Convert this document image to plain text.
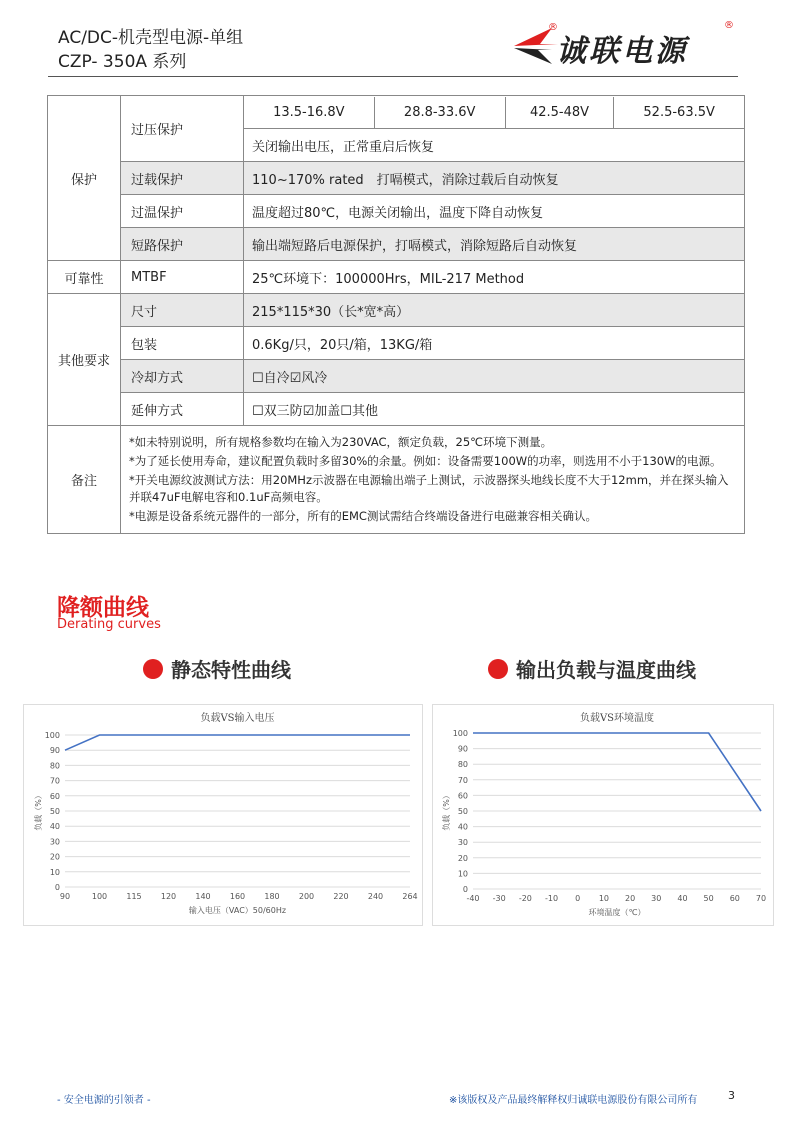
AC/DC-机壳型电源-单组
CZP- 350A 系列	诚联电源
®	®
保护	过压保护	
13.5-16.8V	28.8-33.6V	42.5-48V	52.5-63.5V

关闭输出电压，正常重启后恢复
过载保护	110~170% rated　打嗝模式，消除过载后自动恢复
过温保护	温度超过80℃，电源关闭输出，温度下降自动恢复
短路保护	输出端短路后电源保护，打嗝模式，消除短路后自动恢复
可靠性	MTBF	25℃环境下：100000Hrs，MIL-217 Method
其他要求	尺寸	215*115*30（长*宽*高）
包装	0.6Kg/只，20只/箱，13KG/箱
冷却方式	☐自冷☑风冷
延伸方式	☐双三防☑加盖☐其他
备注	
*如未特别说明，所有规格参数均在输入为230VAC，额定负载，25℃环境下测量。
*为了延长使用寿命，建议配置负载时多留30%的余量。例如：设备需要100W的功率，则选用不小于130W的电源。
*开关电源纹波测试方法：用20MHz示波器在电源输出端子上测试，示波器探头地线长度不大于12mm，并在探头输入并联47uF电解电容和0.1uF高频电容。
*电源是设备系统元器件的一部分，所有的EMC测试需结合终端设备进行电磁兼容相关确认。
降额曲线
Derating curves
静态特性曲线	输出负载与温度曲线
负载VS输入电压
0
10
20
30
40
50
60
70
80
90
100
90	100 115 120 140 160 180 200 220 240 264
输入电压（VAC）50/60Hz
负载（%）
负载VS环境温度
0
10
20
30
40
50
60
70
80
90
100
-40 -30 -20 -10 0 10 20 30 40 50 60 70
环境温度（℃）
负载（%）
- 安全电源的引领者 -	※该版权及产品最终解释权归诚联电源股份有限公司所有	3
